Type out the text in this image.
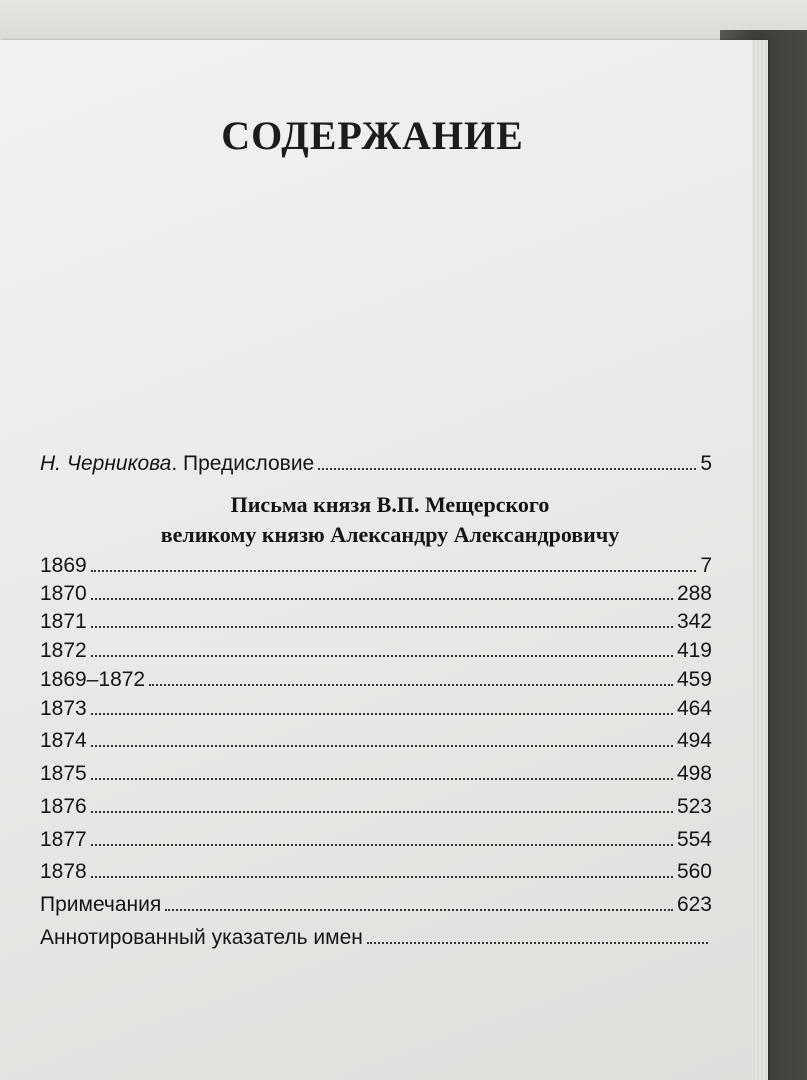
СОДЕРЖАНИЕ
Н. Черникова . Предисловие	5
Письма князя В.П. Мещерского
великому князю Александру Александровичу
1869	7
1870	288
1871	342
1872	419
1869–1872	459
1873	464
1874	494
1875	498
1876	523
1877	554
1878	560
Примечания	623
Аннотированный указатель имен
